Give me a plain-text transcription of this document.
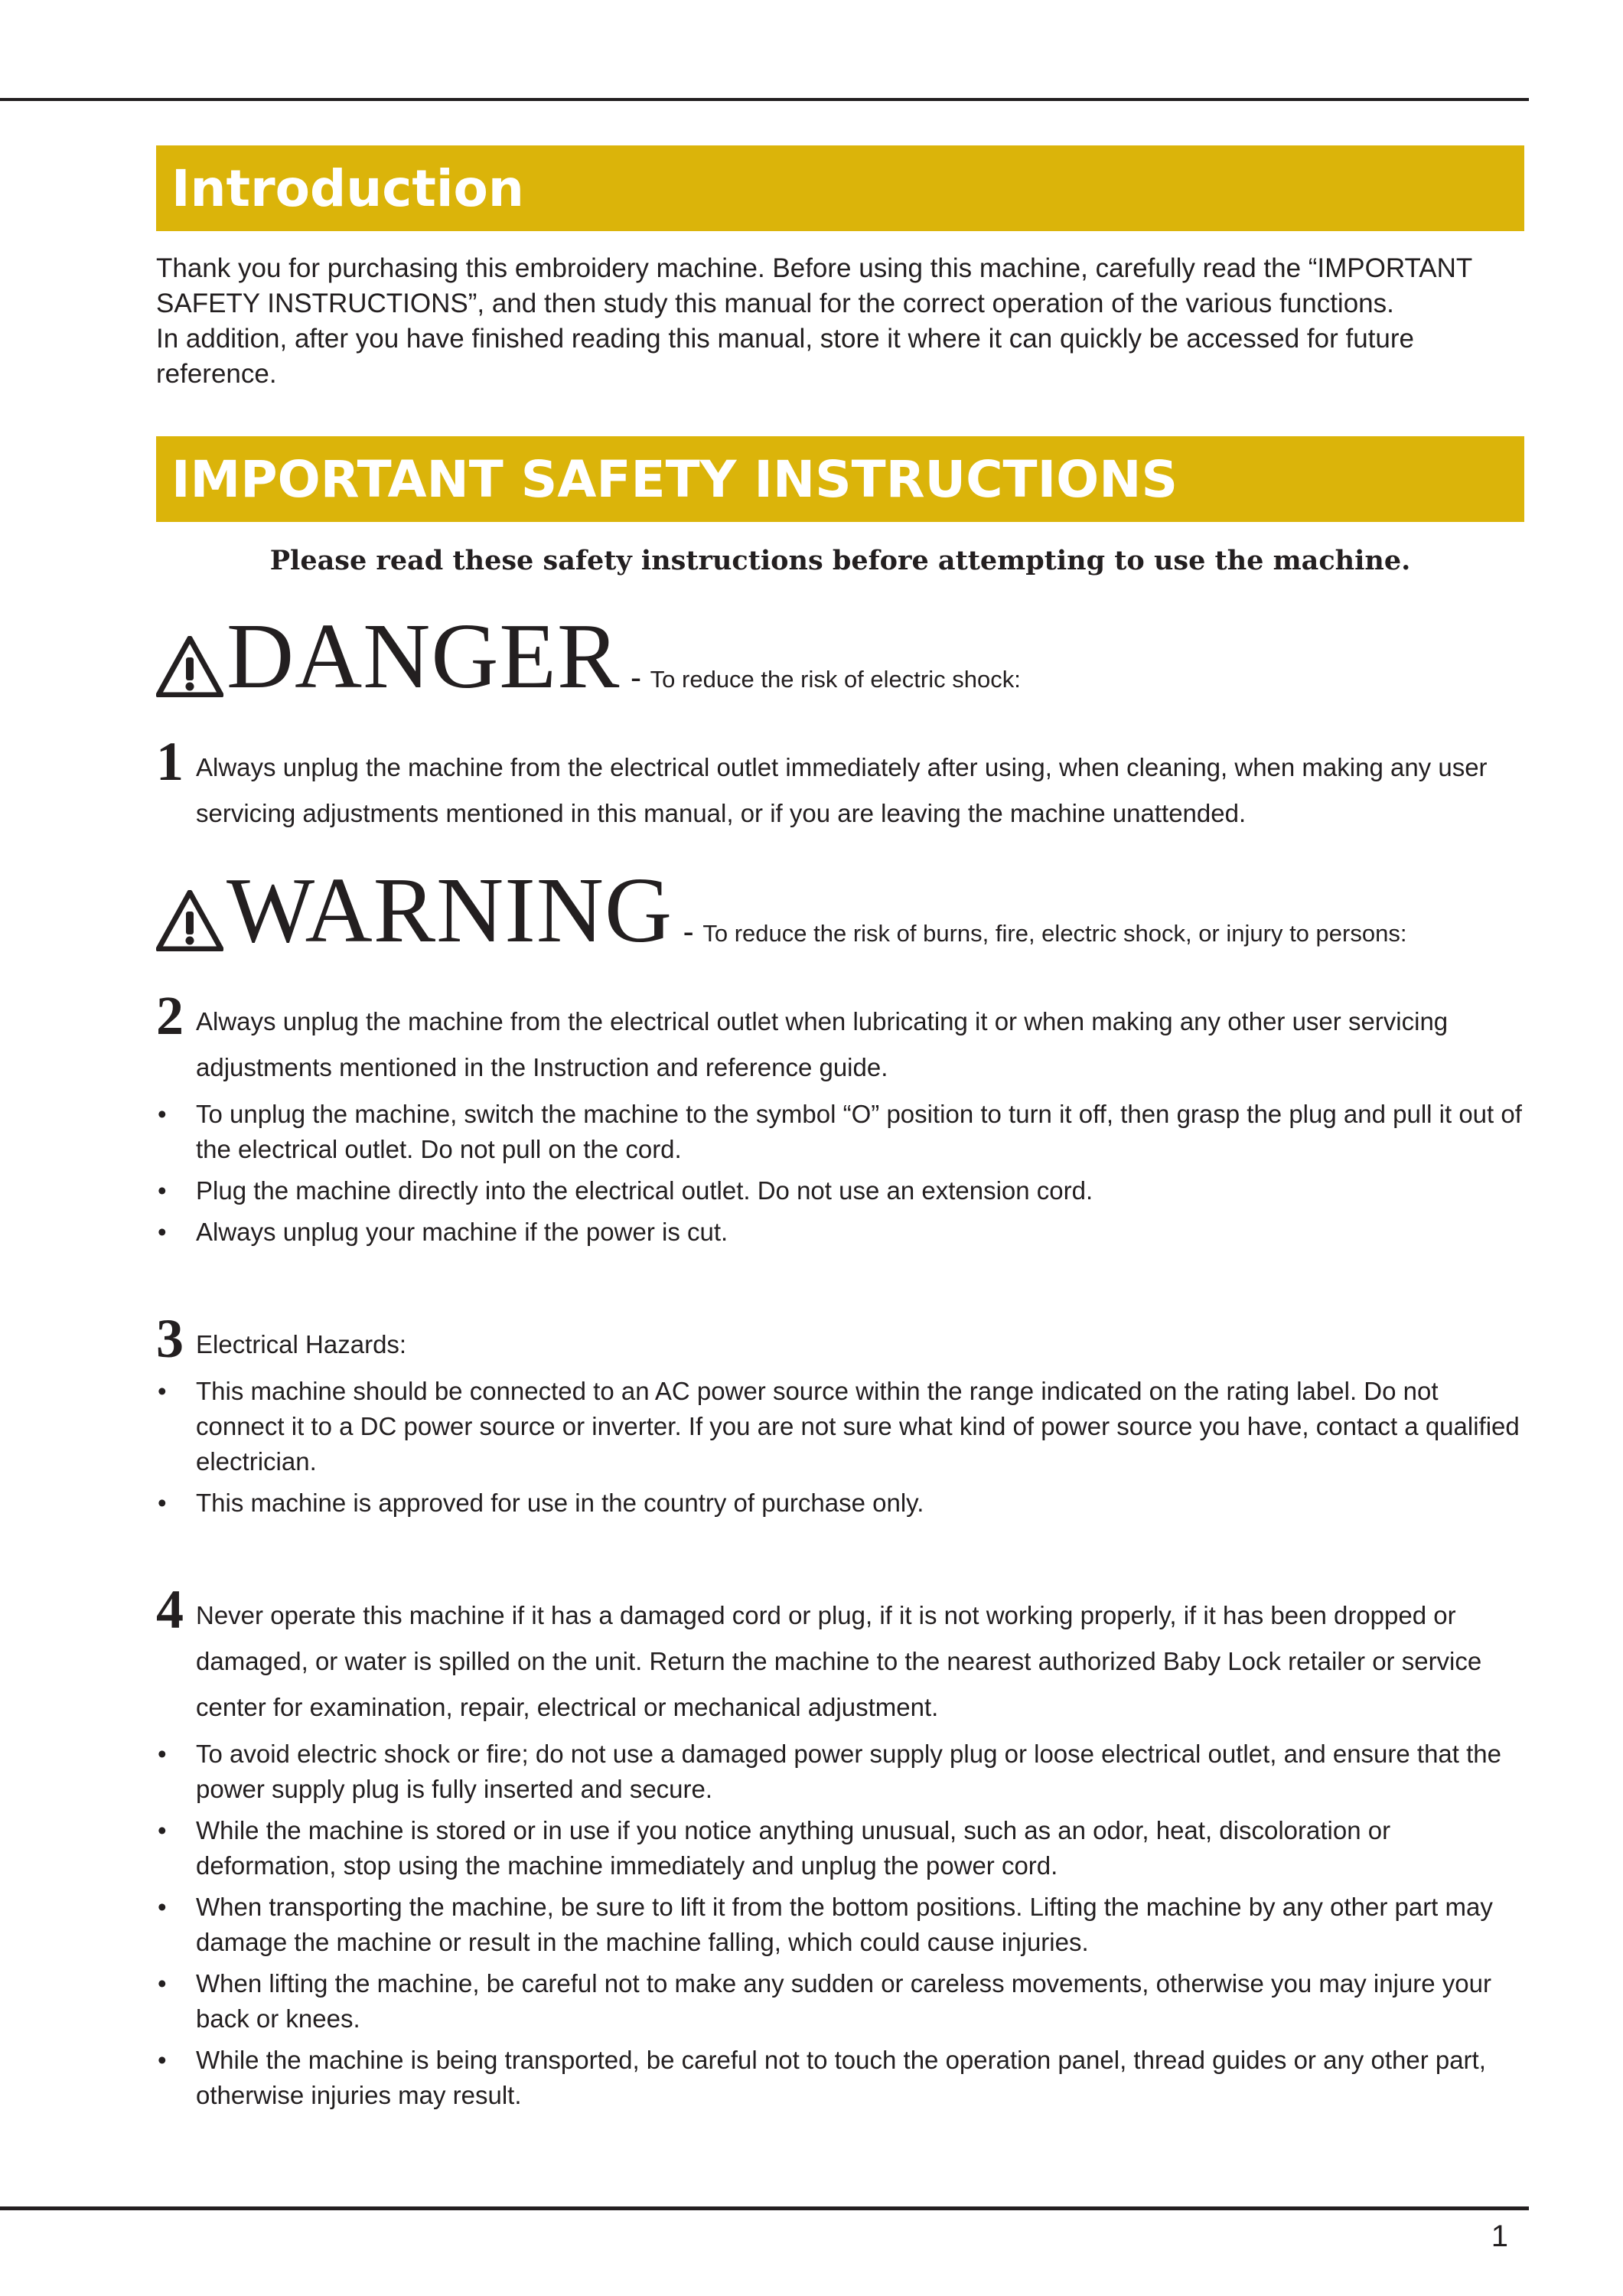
Introduction

Thank you for purchasing this embroidery machine. Before using this machine, carefully read the “IMPORTANT SAFETY INSTRUCTIONS”, and then study this manual for the correct operation of the various functions.

In addition, after you have finished reading this manual, store it where it can quickly be accessed for future reference.

IMPORTANT SAFETY INSTRUCTIONS

Please read these safety instructions before attempting to use the machine.

DANGER - To reduce the risk of electric shock:
1 Always unplug the machine from the electrical outlet immediately after using, when cleaning, when making any user servicing adjustments mentioned in this manual, or if you are leaving the machine unattended.
WARNING - To reduce the risk of burns, fire, electric shock, or injury to persons:
2 Always unplug the machine from the electrical outlet when lubricating it or when making any other user servicing adjustments mentioned in the Instruction and reference guide.
• To unplug the machine, switch the machine to the symbol “O” position to turn it off, then grasp the plug and pull it out of the electrical outlet. Do not pull on the cord.
• Plug the machine directly into the electrical outlet. Do not use an extension cord.
• Always unplug your machine if the power is cut.
3 Electrical Hazards:
• This machine should be connected to an AC power source within the range indicated on the rating label. Do not connect it to a DC power source or inverter. If you are not sure what kind of power source you have, contact a qualified electrician.
• This machine is approved for use in the country of purchase only.
4 Never operate this machine if it has a damaged cord or plug, if it is not working properly, if it has been dropped or damaged, or water is spilled on the unit. Return the machine to the nearest authorized Baby Lock retailer or service center for examination, repair, electrical or mechanical adjustment.
• To avoid electric shock or fire; do not use a damaged power supply plug or loose electrical outlet, and ensure that the power supply plug is fully inserted and secure.
• While the machine is stored or in use if you notice anything unusual, such as an odor, heat, discoloration or deformation, stop using the machine immediately and unplug the power cord.
• When transporting the machine, be sure to lift it from the bottom positions. Lifting the machine by any other part may damage the machine or result in the machine falling, which could cause injuries.
• When lifting the machine, be careful not to make any sudden or careless movements, otherwise you may injure your back or knees.
• While the machine is being transported, be careful not to touch the operation panel, thread guides or any other part, otherwise injuries may result.
1
